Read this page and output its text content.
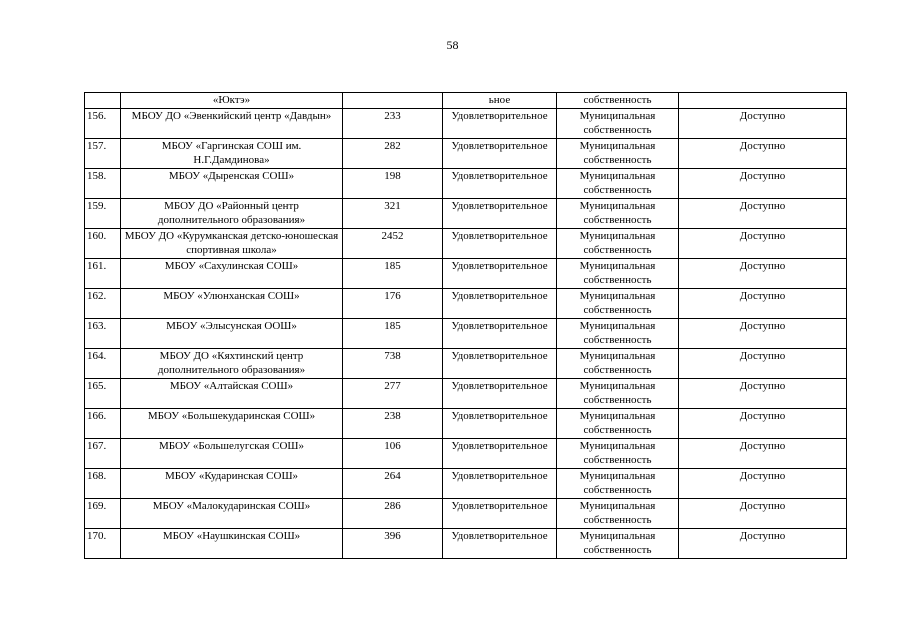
58
	«Юктэ»		ьное	собственность	
156.	МБОУ ДО «Эвенкийский центр «Давдын»	233	Удовлетворительное	Муниципальная собственность	Доступно
157.	МБОУ «Гаргинская СОШ им. Н.Г.Дамдинова»	282	Удовлетворительное	Муниципальная собственность	Доступно
158.	МБОУ «Дыренская СОШ»	198	Удовлетворительное	Муниципальная собственность	Доступно
159.	МБОУ ДО «Районный центр дополнительного образования»	321	Удовлетворительное	Муниципальная собственность	Доступно
160.	МБОУ ДО «Курумканская детско-юношеская спортивная школа»	2452	Удовлетворительное	Муниципальная собственность	Доступно
161.	МБОУ «Сахулинская СОШ»	185	Удовлетворительное	Муниципальная собственность	Доступно
162.	МБОУ «Улюнханская СОШ»	176	Удовлетворительное	Муниципальная собственность	Доступно
163.	МБОУ «Элысунская ООШ»	185	Удовлетворительное	Муниципальная собственность	Доступно
164.	МБОУ ДО «Кяхтинский центр дополнительного образования»	738	Удовлетворительное	Муниципальная собственность	Доступно
165.	МБОУ «Алтайская СОШ»	277	Удовлетворительное	Муниципальная собственность	Доступно
166.	МБОУ «Большекударинская СОШ»	238	Удовлетворительное	Муниципальная собственность	Доступно
167.	МБОУ «Большелугская СОШ»	106	Удовлетворительное	Муниципальная собственность	Доступно
168.	МБОУ «Кударинская СОШ»	264	Удовлетворительное	Муниципальная собственность	Доступно
169.	МБОУ «Малокударинская СОШ»	286	Удовлетворительное	Муниципальная собственность	Доступно
170.	МБОУ «Наушкинская СОШ»	396	Удовлетворительное	Муниципальная собственность	Доступно
